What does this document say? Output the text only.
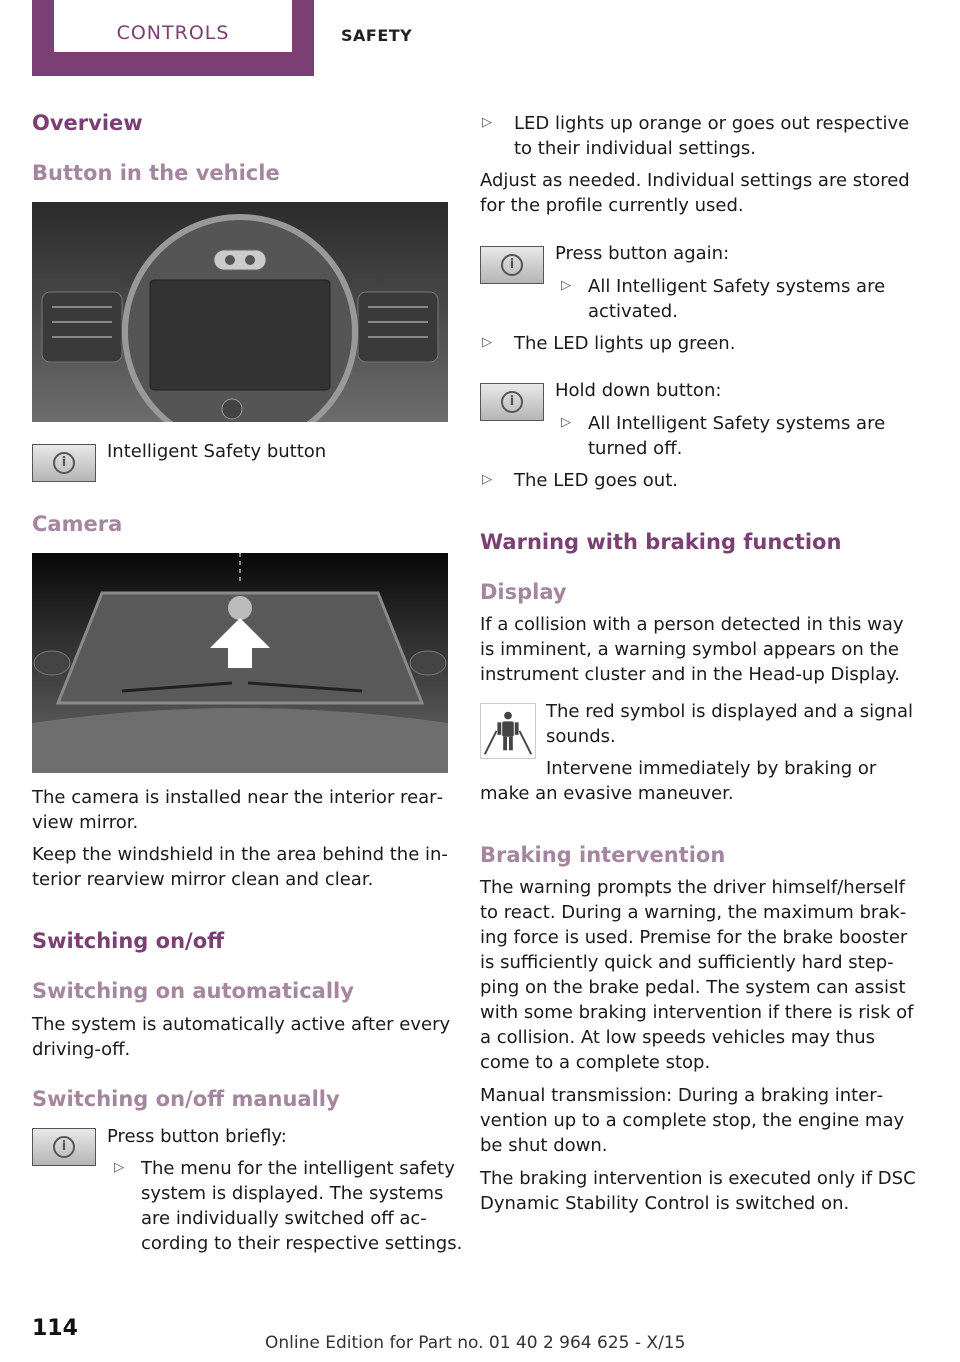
CONTROLS	SAFETY
Overview
Button in the vehicle
i
Intelligent Safety button
Camera
The camera is installed near the interior rear‐
view mirror.
Keep the windshield in the area behind the in‐
terior rearview mirror clean and clear.
Switching on/off
Switching on automatically
The system is automatically active after every
driving-off.
Switching on/off manually
i	Press button briefly:
▷ The menu for the intelligent safety
system is displayed. The systems
are individually switched off ac‐
cording to their respective settings.
▷ LED lights up orange or goes out respective
to their individual settings.
Adjust as needed. Individual settings are stored
for the profile currently used.
i
Press button again:
▷ All Intelligent Safety systems are
activated.
▷ The LED lights up green.
i
Hold down button:
▷ All Intelligent Safety systems are
turned off.
▷ The LED goes out.
Warning with braking function
Display
If a collision with a person detected in this way
is imminent, a warning symbol appears on the
instrument cluster and in the Head-up Display.
The red symbol is displayed and a signal
sounds.
Intervene immediately by braking or
make an evasive maneuver.
Braking intervention
The warning prompts the driver himself/herself
to react. During a warning, the maximum brak‐
ing force is used. Premise for the brake booster
is sufficiently quick and sufficiently hard step‐
ping on the brake pedal. The system can assist
with some braking intervention if there is risk of
a collision. At low speeds vehicles may thus
come to a complete stop.
Manual transmission: During a braking inter‐
vention up to a complete stop, the engine may
be shut down.
The braking intervention is executed only if DSC
Dynamic Stability Control is switched on.
114
Online Edition for Part no. 01 40 2 964 625 - X/15
